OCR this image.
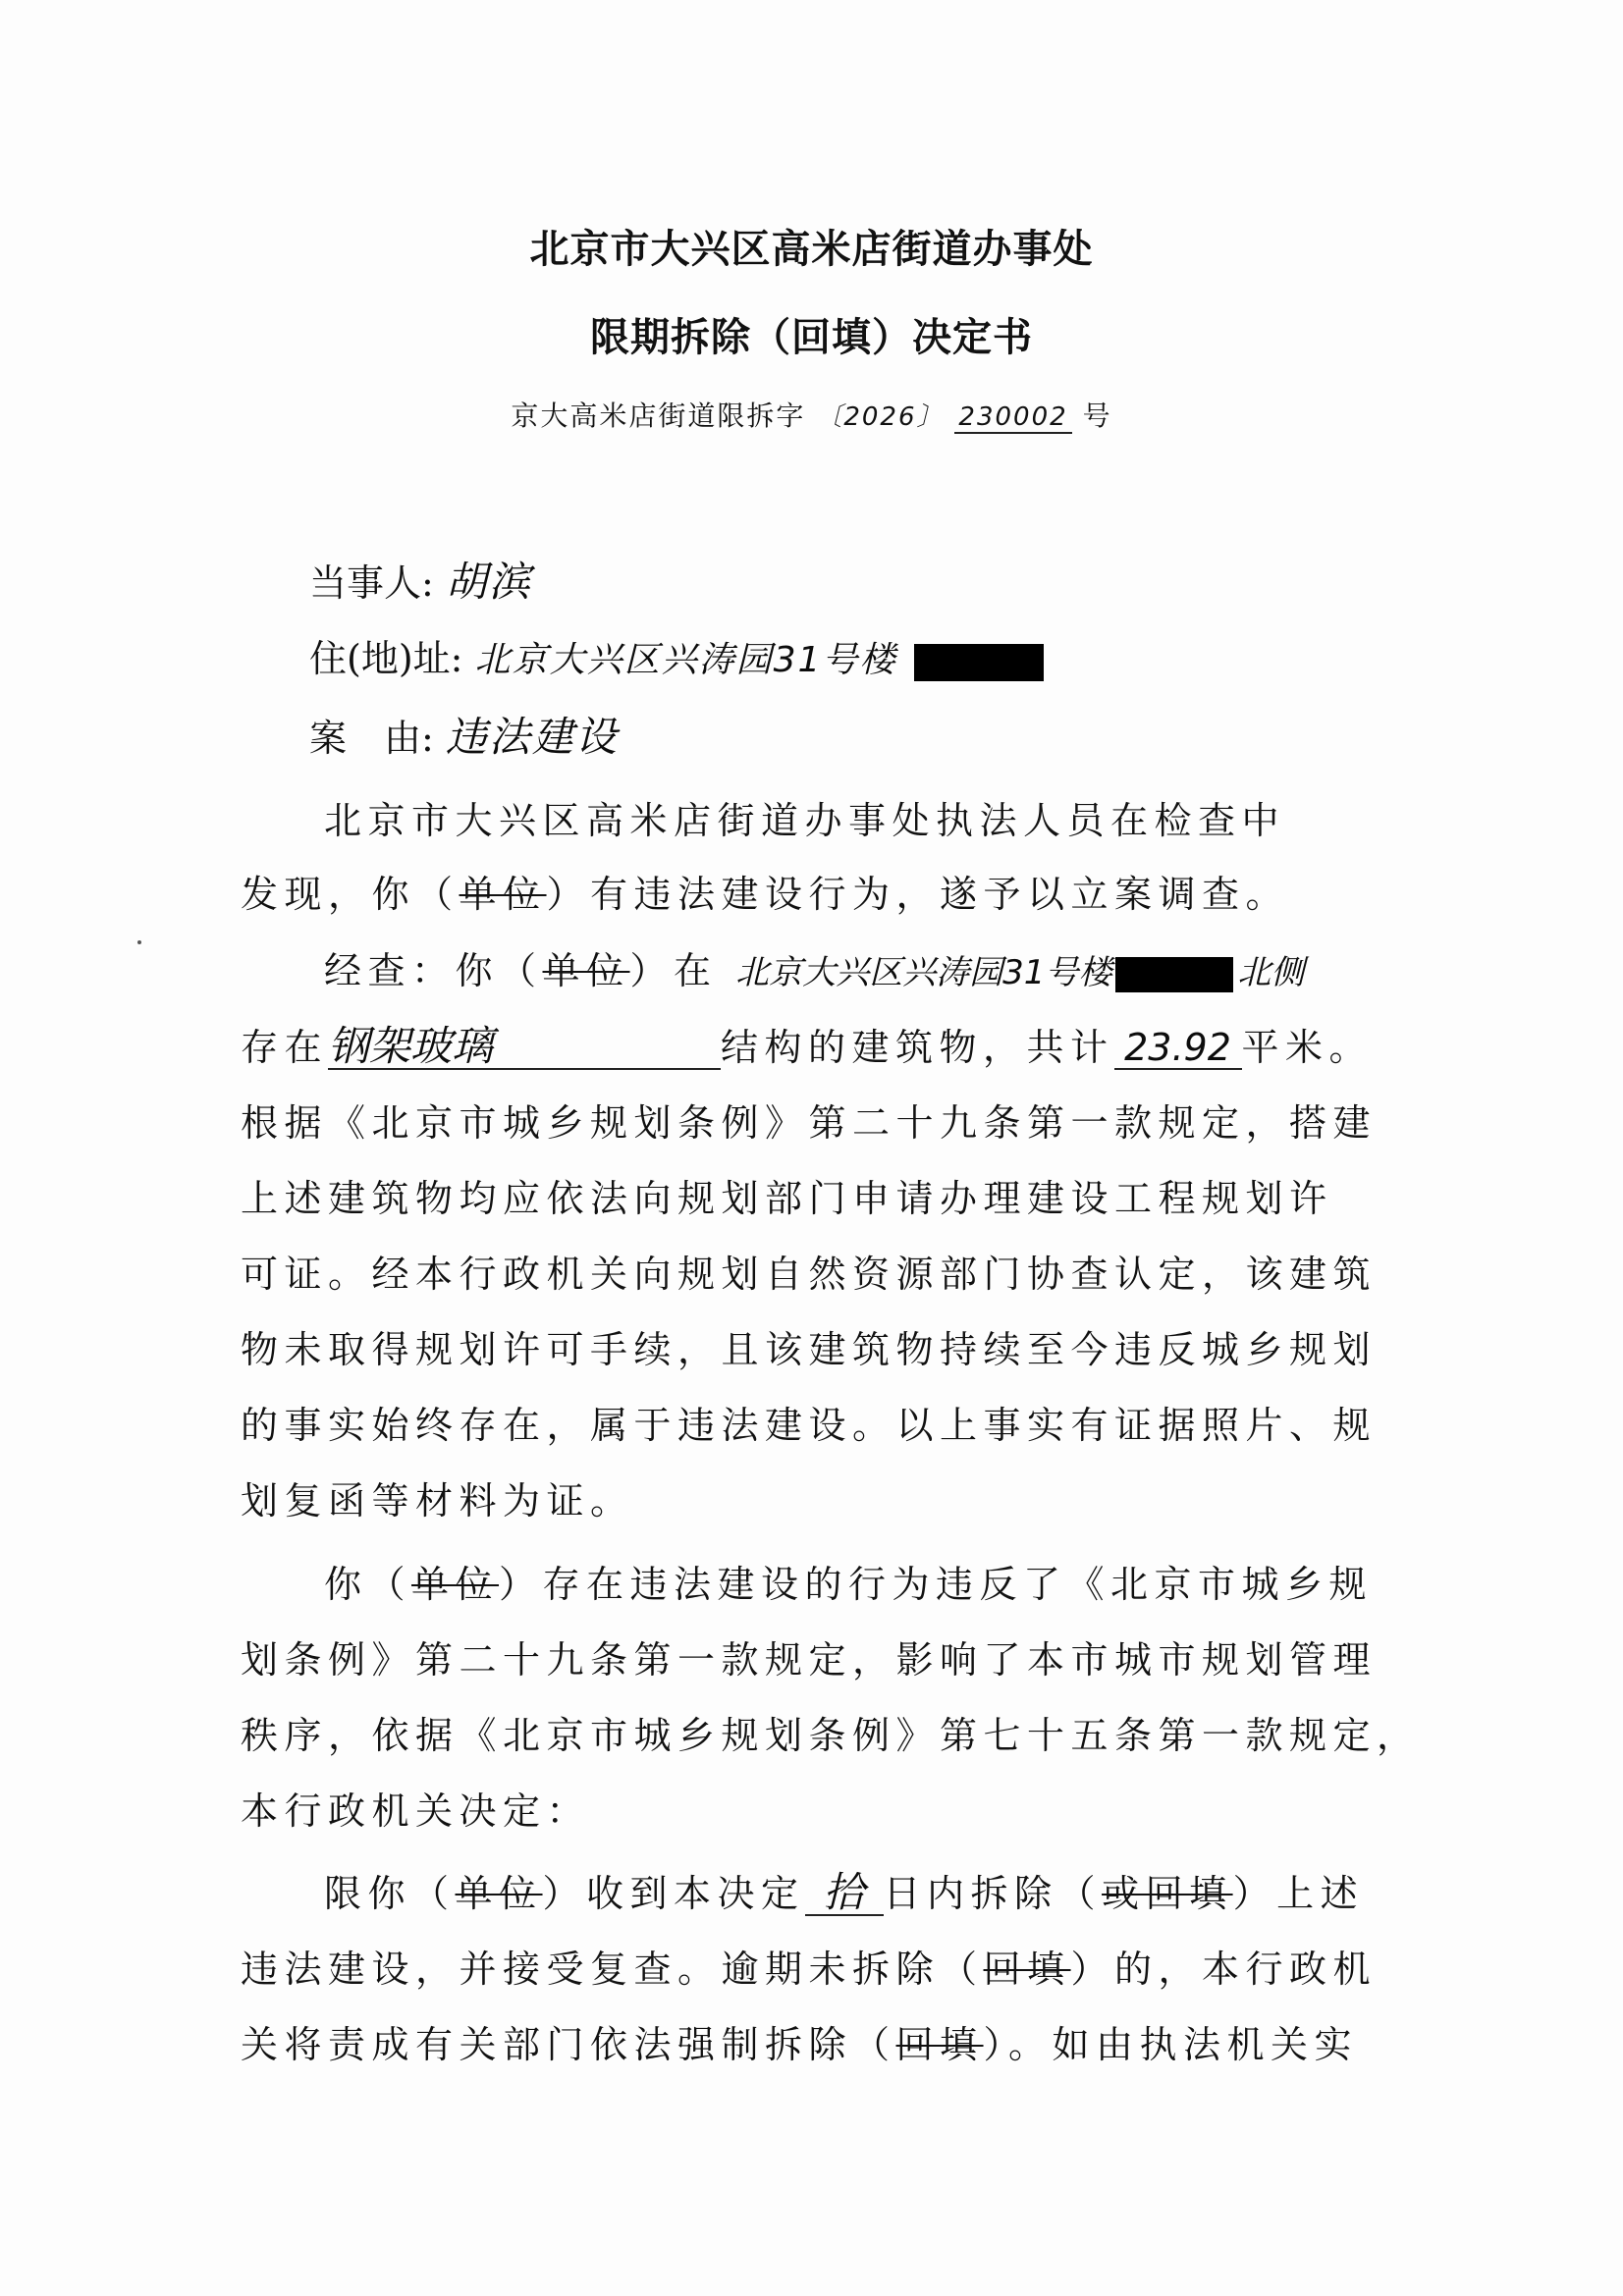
北京市大兴区高米店街道办事处
限期拆除（回填）决定书
京大高米店街道限拆字 〔2026〕 230002 号
当事人: 胡滨
住(地)址: 北京大兴区兴涛园31号楼
案　由: 违法建设
北京市大兴区高米店街道办事处执法人员在检查中
发现，你（单位）有违法建设行为，遂予以立案调查。
经查：你（单位）在 北京大兴区兴涛园31号楼	北侧
存在钢架玻璃	结构的建筑物，共计 23.92 平米。
根据《北京市城乡规划条例》第二十九条第一款规定，搭建
上述建筑物均应依法向规划部门申请办理建设工程规划许
可证。经本行政机关向规划自然资源部门协查认定，该建筑
物未取得规划许可手续，且该建筑物持续至今违反城乡规划
的事实始终存在，属于违法建设。以上事实有证据照片、规
划复函等材料为证。
你（单位）存在违法建设的行为违反了《北京市城乡规
划条例》第二十九条第一款规定，影响了本市城市规划管理
秩序，依据《北京市城乡规划条例》第七十五条第一款规定，
本行政机关决定：
限你（单位）收到本决定 拾 日内拆除（或回填）上述
违法建设，并接受复查。逾期未拆除（回填）的，本行政机
关将责成有关部门依法强制拆除（回填）。如由执法机关实
